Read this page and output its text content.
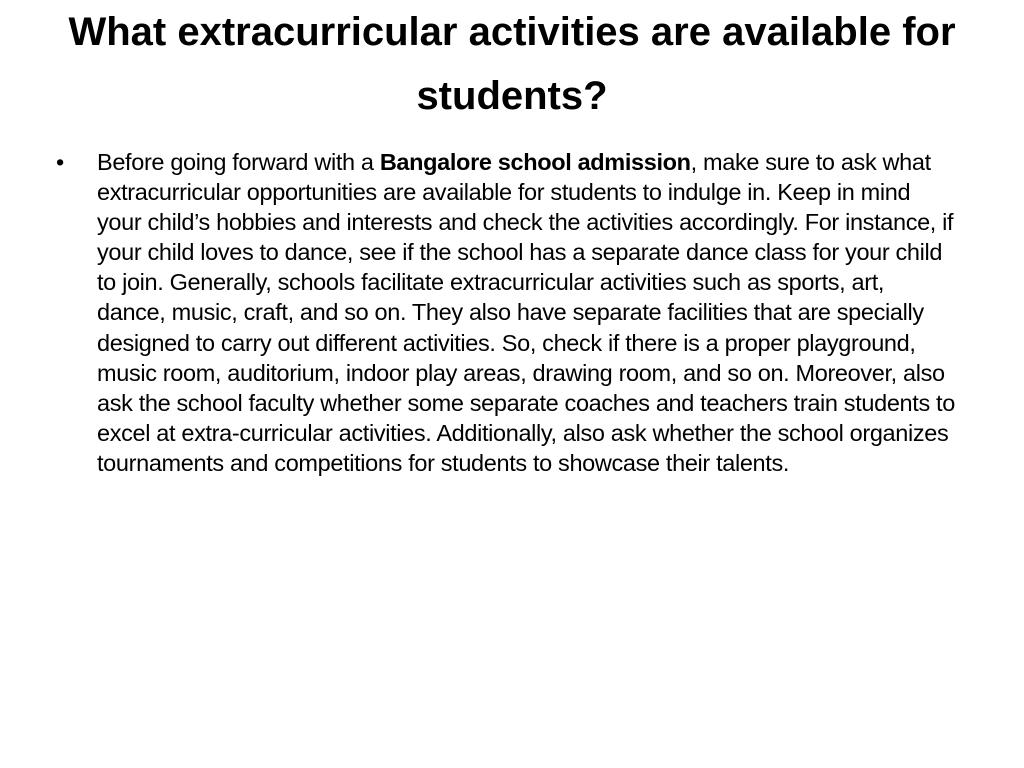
What extracurricular activities are available for students?
• Before going forward with a Bangalore school admission, make sure to ask what extracurricular opportunities are available for students to indulge in. Keep in mind your child’s hobbies and interests and check the activities accordingly. For instance, if your child loves to dance, see if the school has a separate dance class for your child to join. Generally, schools facilitate extracurricular activities such as sports, art, dance, music, craft, and so on. They also have separate facilities that are specially designed to carry out different activities. So, check if there is a proper playground, music room, auditorium, indoor play areas, drawing room, and so on. Moreover, also ask the school faculty whether some separate coaches and teachers train students to excel at extra-curricular activities. Additionally, also ask whether the school organizes tournaments and competitions for students to showcase their talents.
